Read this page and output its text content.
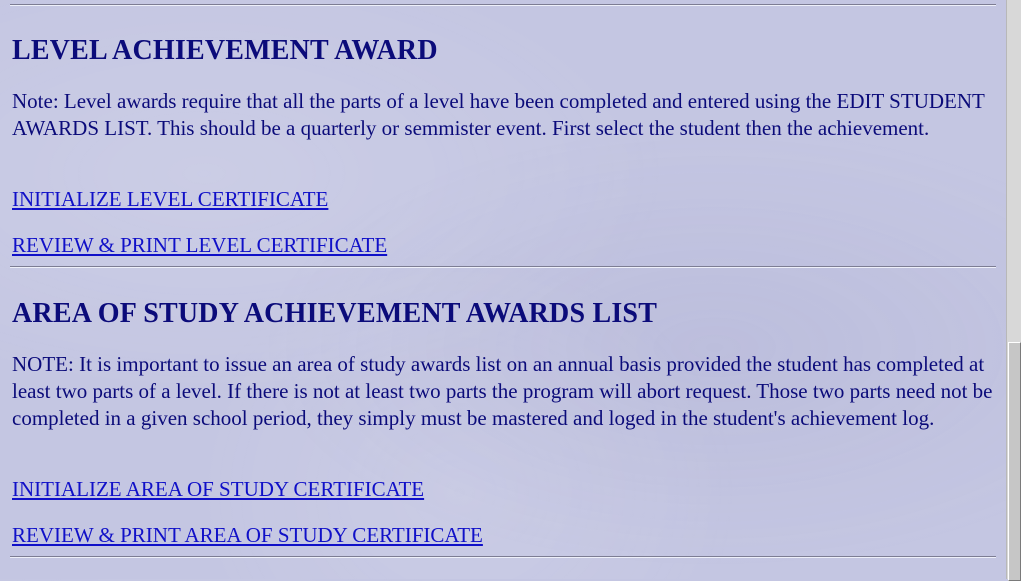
LEVEL ACHIEVEMENT AWARD

Note: Level awards require that all the parts of a level have been completed and entered using the EDIT STUDENT AWARDS LIST. This should be a quarterly or semmister event. First select the student then the achievement.

INITIALIZE LEVEL CERTIFICATE
REVIEW & PRINT LEVEL CERTIFICATE
AREA OF STUDY ACHIEVEMENT AWARDS LIST

NOTE: It is important to issue an area of study awards list on an annual basis provided the student has completed at least two parts of a level. If there is not at least two parts the program will abort request. Those two parts need not be completed in a given school period, they simply must be mastered and loged in the student's achievement log.

INITIALIZE AREA OF STUDY CERTIFICATE
REVIEW & PRINT AREA OF STUDY CERTIFICATE
